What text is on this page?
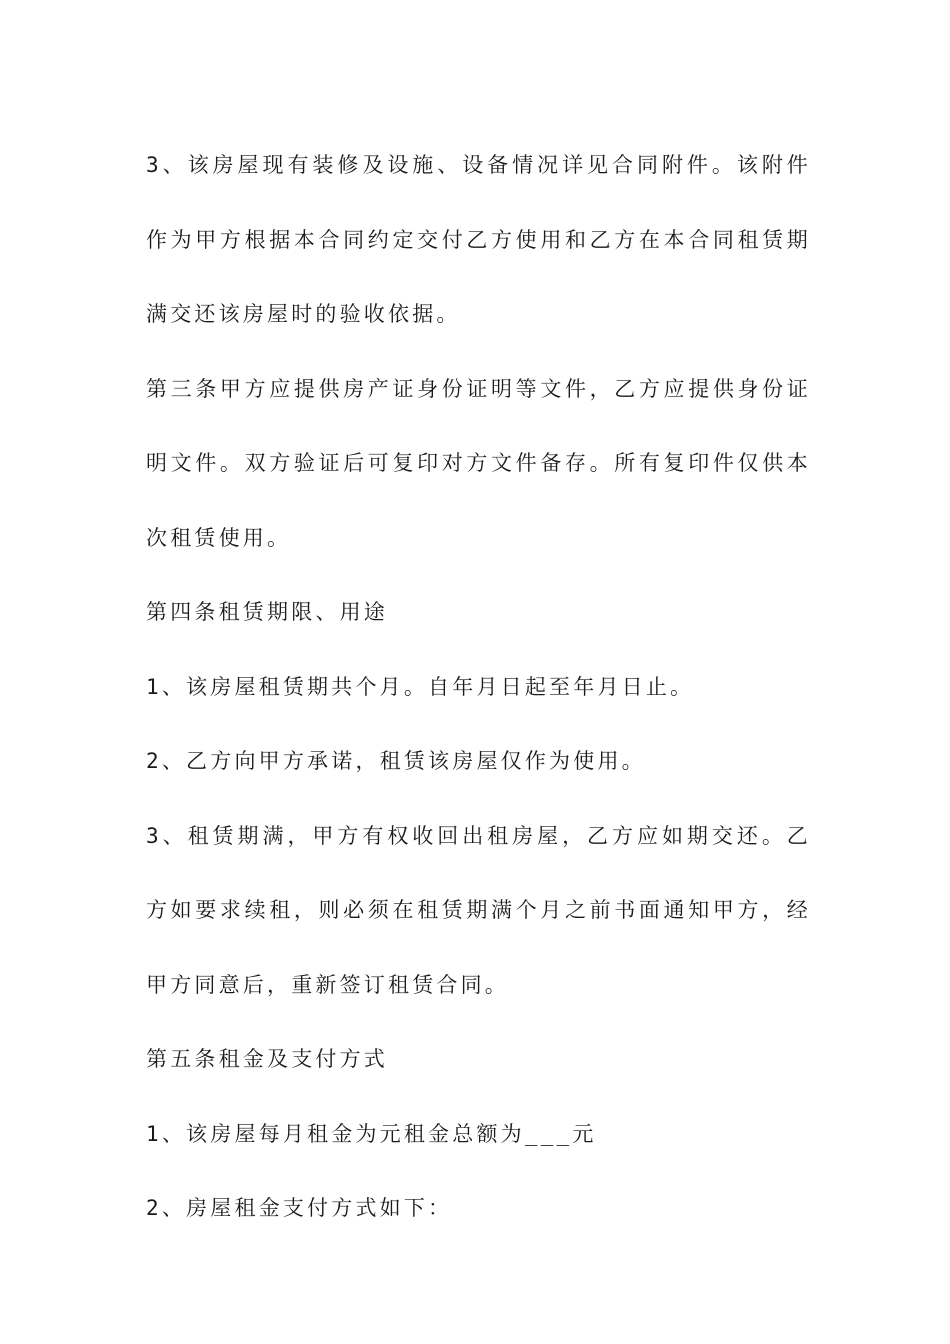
3、该房屋现有装修及设施、设备情况详见合同附件。该附件作为甲方根据本合同约定交付乙方使用和乙方在本合同租赁期满交还该房屋时的验收依据。

第三条甲方应提供房产证身份证明等文件，乙方应提供身份证明文件。双方验证后可复印对方文件备存。所有复印件仅供本次租赁使用。

第四条租赁期限、用途

1、该房屋租赁期共个月。自年月日起至年月日止。

2、乙方向甲方承诺，租赁该房屋仅作为使用。

3、租赁期满，甲方有权收回出租房屋，乙方应如期交还。乙方如要求续租，则必须在租赁期满个月之前书面通知甲方，经甲方同意后，重新签订租赁合同。

第五条租金及支付方式

1、该房屋每月租金为元租金总额为___元

2、房屋租金支付方式如下：
